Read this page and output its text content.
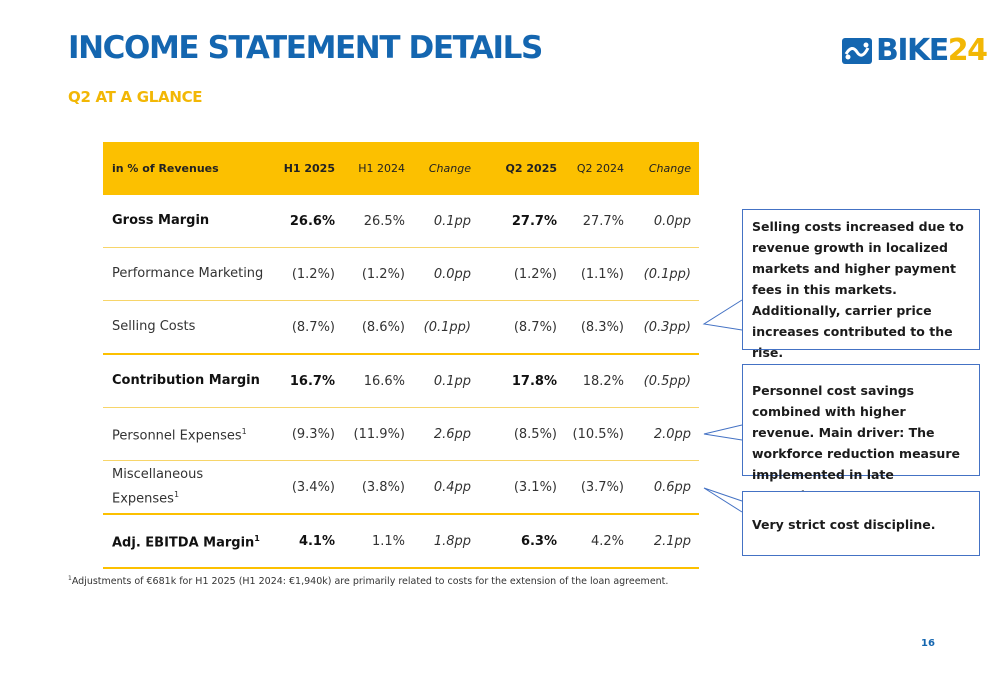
INCOME STATEMENT DETAILS
Q2 AT A GLANCE
BIKE24
in % of Revenues	H1 2025	H1 2024	Change	Q2 2025	Q2 2024	Change
Gross Margin	26.6%	26.5%	0.1pp	27.7%	27.7%	0.0pp
Performance Marketing	(1.2%)	(1.2%)	0.0pp	(1.2%)	(1.1%)	(0.1pp)
Selling Costs	(8.7%)	(8.6%)	(0.1pp)	(8.7%)	(8.3%)	(0.3pp)
Contribution Margin	16.7%	16.6%	0.1pp	17.8%	18.2%	(0.5pp)
Personnel Expenses$^1$	(9.3%)	(11.9%)	2.6pp	(8.5%)	(10.5%)	2.0pp
Miscellaneous Expenses$^1$	(3.4%)	(3.8%)	0.4pp	(3.1%)	(3.7%)	0.6pp
Adj. EBITDA Margin$^1$	4.1%	1.1%	1.8pp	6.3%	4.2%	2.1pp
Selling costs increased due to revenue growth in localized markets and higher payment fees in this markets.
Additionally, carrier price increases contributed to the rise.
Personnel cost savings combined with higher revenue. Main driver: The workforce reduction measure implemented in late
Very strict cost discipline.
$^1$Adjustments of €681k for H1 2025 (H1 2024: €1,940k) are primarily related to costs for the extension of the loan agreement.
16
